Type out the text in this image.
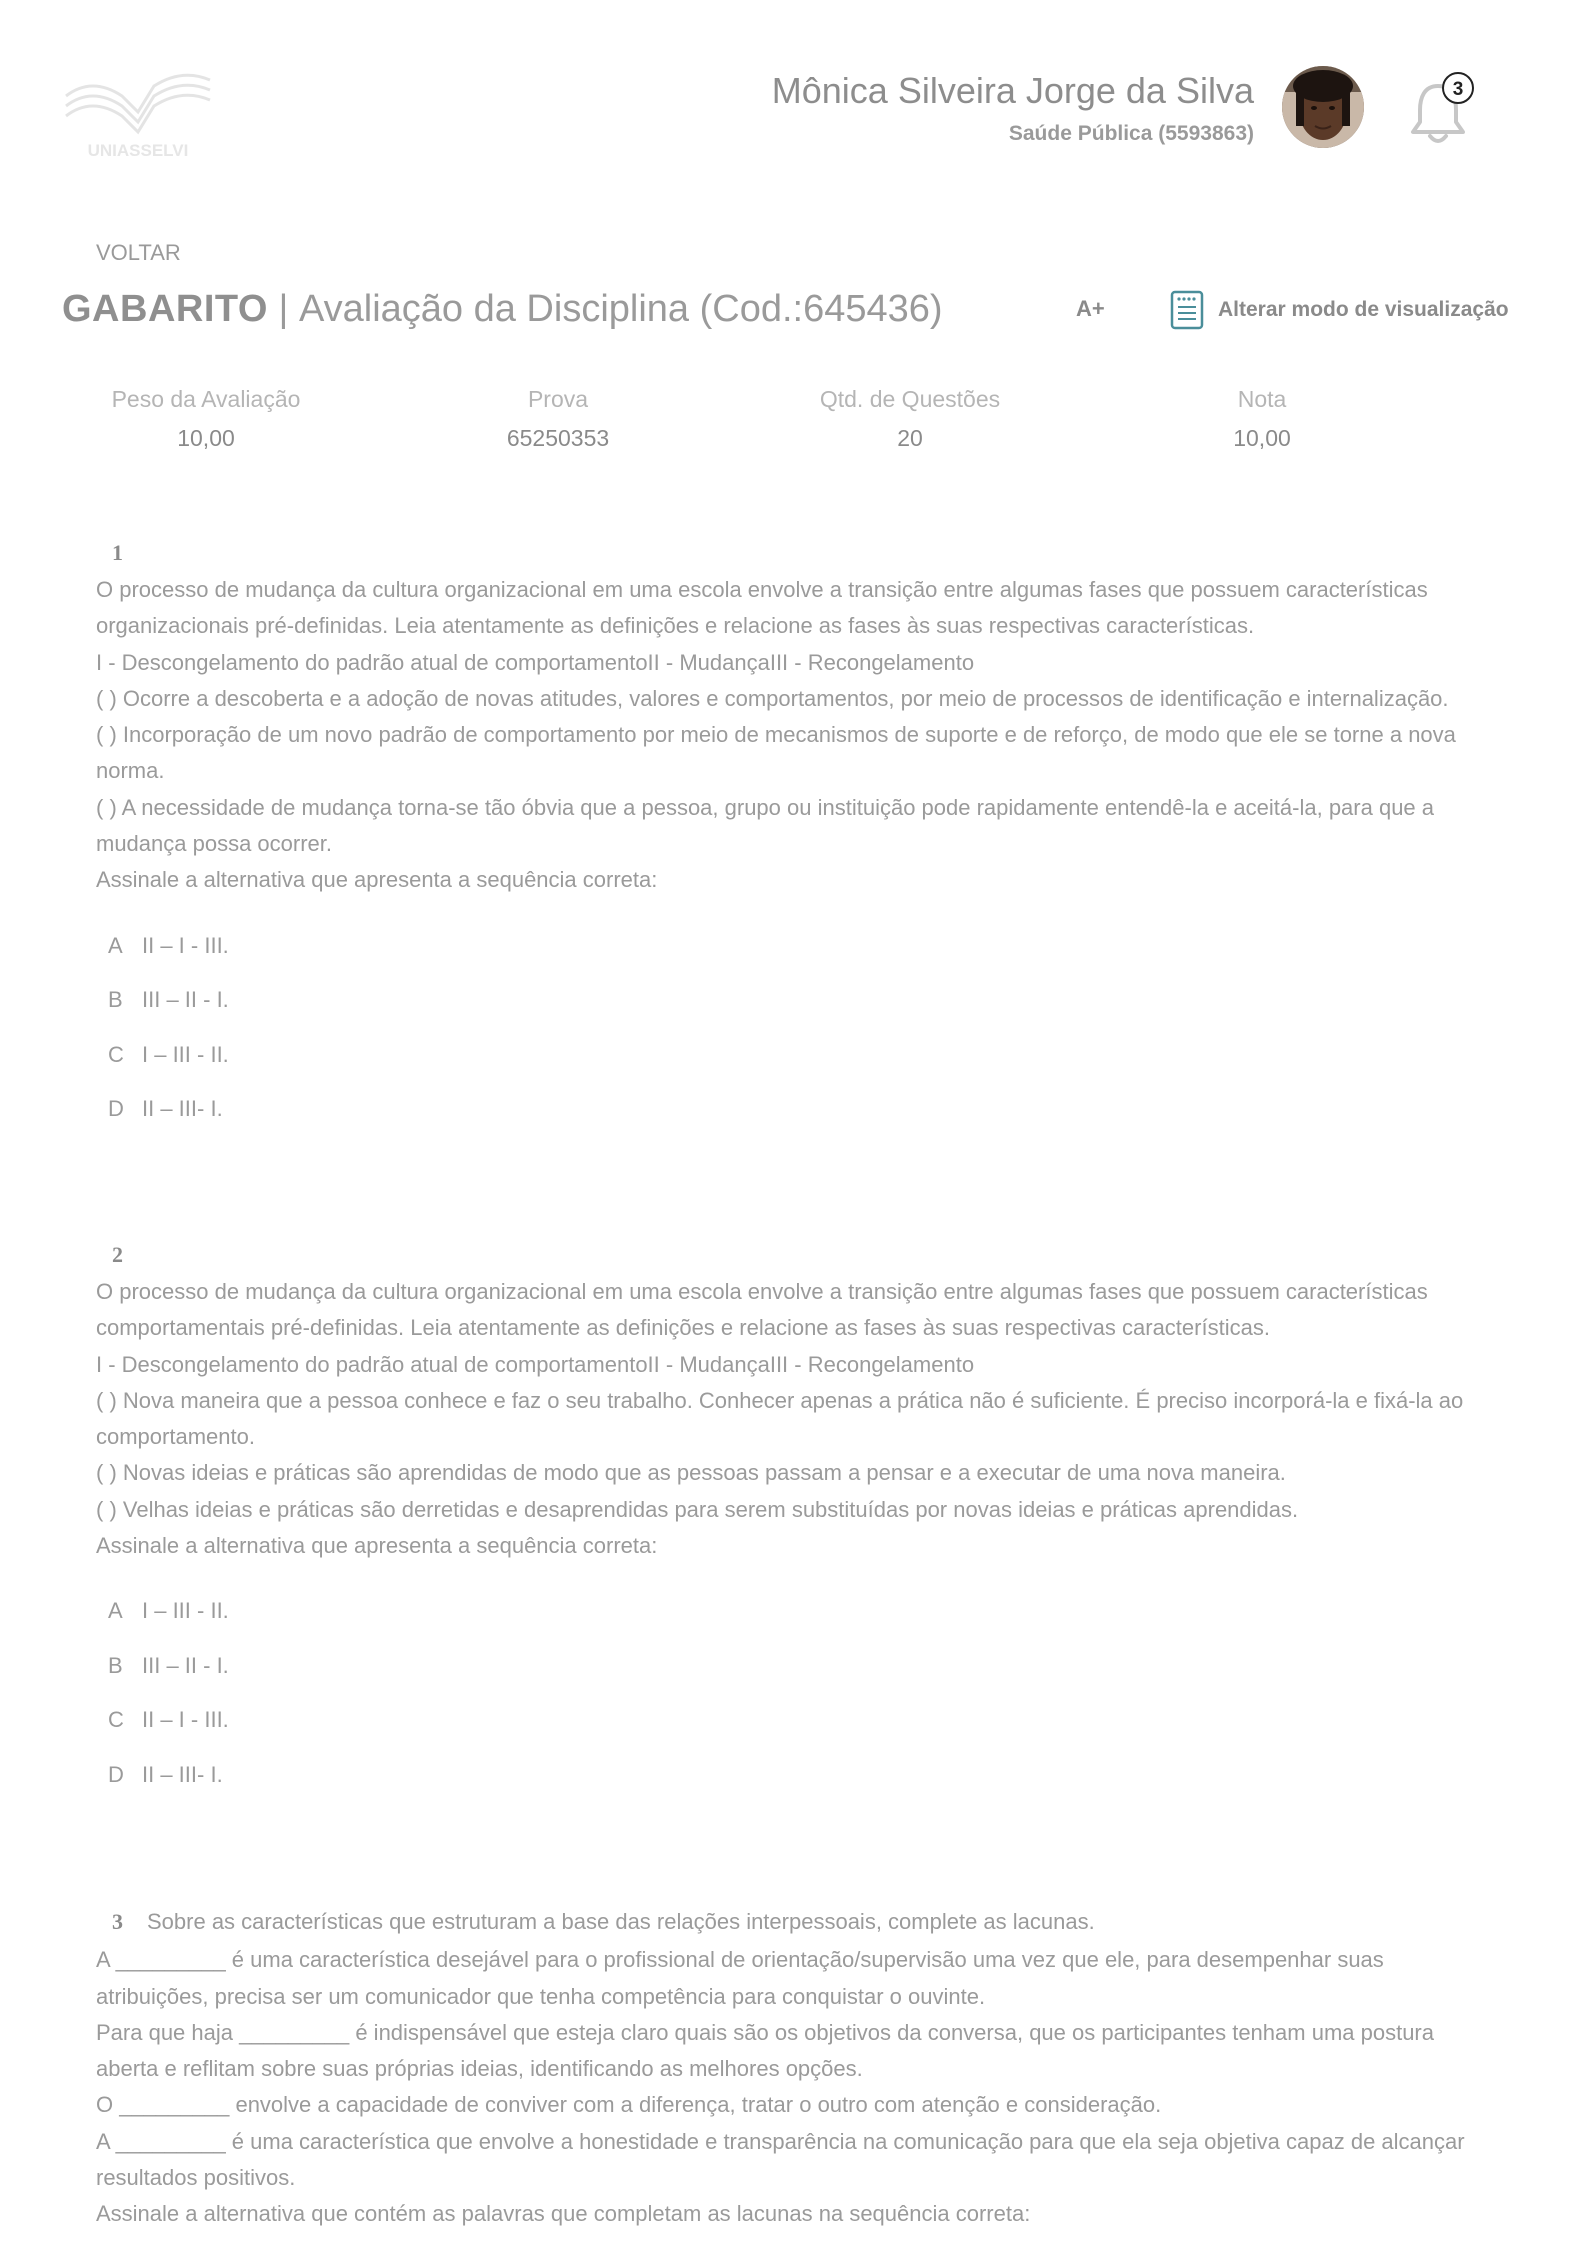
UNIASSELVI
Mônica Silveira Jorge da Silva
Saúde Pública (5593863)
3
VOLTAR
GABARITO | Avaliação da Disciplina (Cod.:645436)	A+	Alterar modo de visualização
Peso da Avaliação
10,00
Prova
65250353
Qtd. de Questões
20
Nota
10,00
1

O processo de mudança da cultura organizacional em uma escola envolve a transição entre algumas fases que possuem características organizacionais pré-definidas. Leia atentamente as definições e relacione as fases às suas respectivas características.

I - Descongelamento do padrão atual de comportamentoII - MudançaIII - Recongelamento

( ) Ocorre a descoberta e a adoção de novas atitudes, valores e comportamentos, por meio de processos de identificação e internalização.

( ) Incorporação de um novo padrão de comportamento por meio de mecanismos de suporte e de reforço, de modo que ele se torne a nova norma.

( ) A necessidade de mudança torna-se tão óbvia que a pessoa, grupo ou instituição pode rapidamente entendê-la e aceitá-la, para que a mudança possa ocorrer.

Assinale a alternativa que apresenta a sequência correta:

A II – I - III.
B III – II - I.
C I – III - II.
D II – III- I.
2

O processo de mudança da cultura organizacional em uma escola envolve a transição entre algumas fases que possuem características comportamentais pré-definidas. Leia atentamente as definições e relacione as fases às suas respectivas características.

I - Descongelamento do padrão atual de comportamentoII - MudançaIII - Recongelamento

( ) Nova maneira que a pessoa conhece e faz o seu trabalho. Conhecer apenas a prática não é suficiente. É preciso incorporá-la e fixá-la ao comportamento.

( ) Novas ideias e práticas são aprendidas de modo que as pessoas passam a pensar e a executar de uma nova maneira.

( ) Velhas ideias e práticas são derretidas e desaprendidas para serem substituídas por novas ideias e práticas aprendidas.

Assinale a alternativa que apresenta a sequência correta:

A I – III - II.
B III – II - I.
C II – I - III.
D II – III- I.
3 Sobre as características que estruturam a base das relações interpessoais, complete as lacunas.

A _________ é uma característica desejável para o profissional de orientação/supervisão uma vez que ele, para desempenhar suas atribuições, precisa ser um comunicador que tenha competência para conquistar o ouvinte.

Para que haja _________ é indispensável que esteja claro quais são os objetivos da conversa, que os participantes tenham uma postura aberta e reflitam sobre suas próprias ideias, identificando as melhores opções.

O _________ envolve a capacidade de conviver com a diferença, tratar o outro com atenção e consideração.

A _________ é uma característica que envolve a honestidade e transparência na comunicação para que ela seja objetiva capaz de alcançar resultados positivos.

Assinale a alternativa que contém as palavras que completam as lacunas na sequência correta:
